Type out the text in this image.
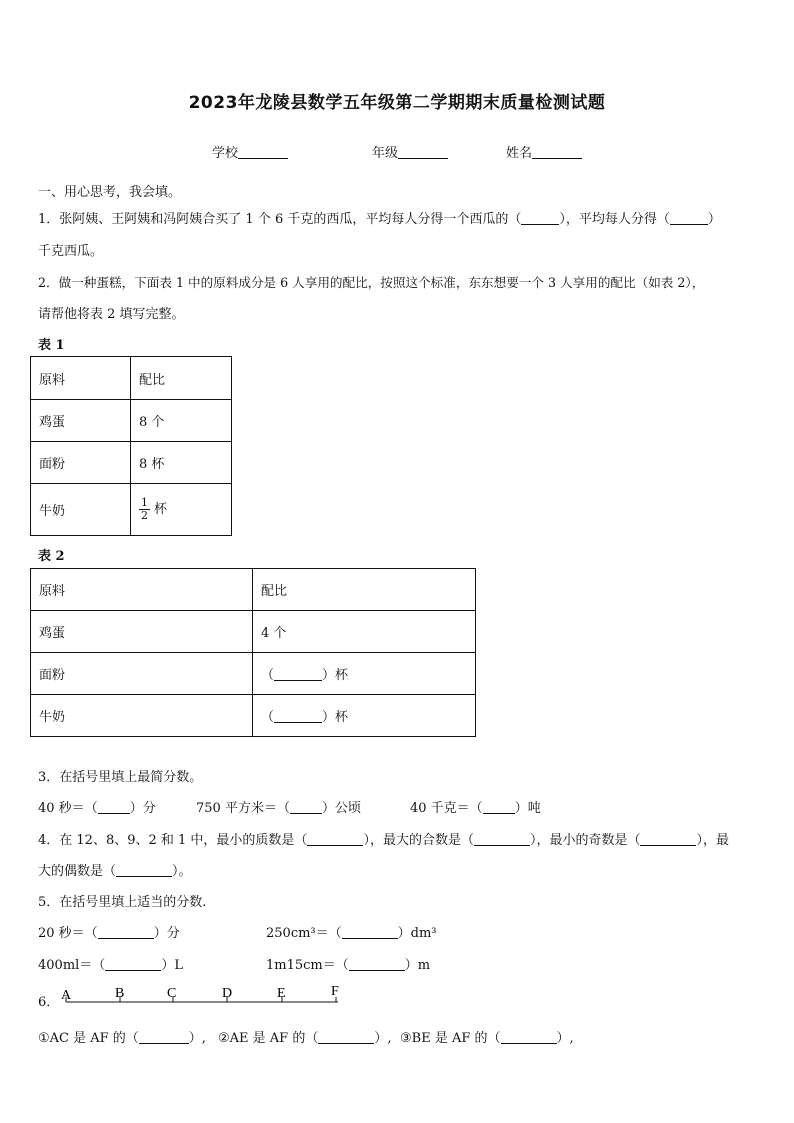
2023年龙陵县数学五年级第二学期期末质量检测试题
学校	年级	姓名
一、用心思考，我会填。
1．张阿姨、王阿姨和冯阿姨合买了 1 个 6 千克的西瓜，平均每人分得一个西瓜的（	），平均每人分得（	）
千克西瓜。
2．做一种蛋糕，下面表 1 中的原料成分是 6 人享用的配比，按照这个标准，东东想要一个 3 人享用的配比（如表 2），
请帮他将表 2 填写完整。
表 1
原料	配比
鸡蛋	8 个
面粉	8 杯
牛奶	$\frac{1}{2}$ 杯
表 2
原料	配比
鸡蛋	4 个
面粉	（ ）杯
牛奶	（ ）杯
3．在括号里填上最简分数。
40 秒＝（ ）分	750 平方米＝（ ）公顷	40 千克＝（ ）吨
4．在 12、8、9、2 和 1 中，最小的质数是（	），最大的合数是（	），最小的奇数是（	），最
大的偶数是（	）。
5．在括号里填上适当的分数.
20 秒＝（	）分	250cm³＝（	）dm³
400ml＝（	）L	1m15cm＝（	）m
6． A	B	C	D	E	F
①AC 是 AF 的（	）, ②AE 是 AF 的（	）, ③BE 是 AF 的（	）,
